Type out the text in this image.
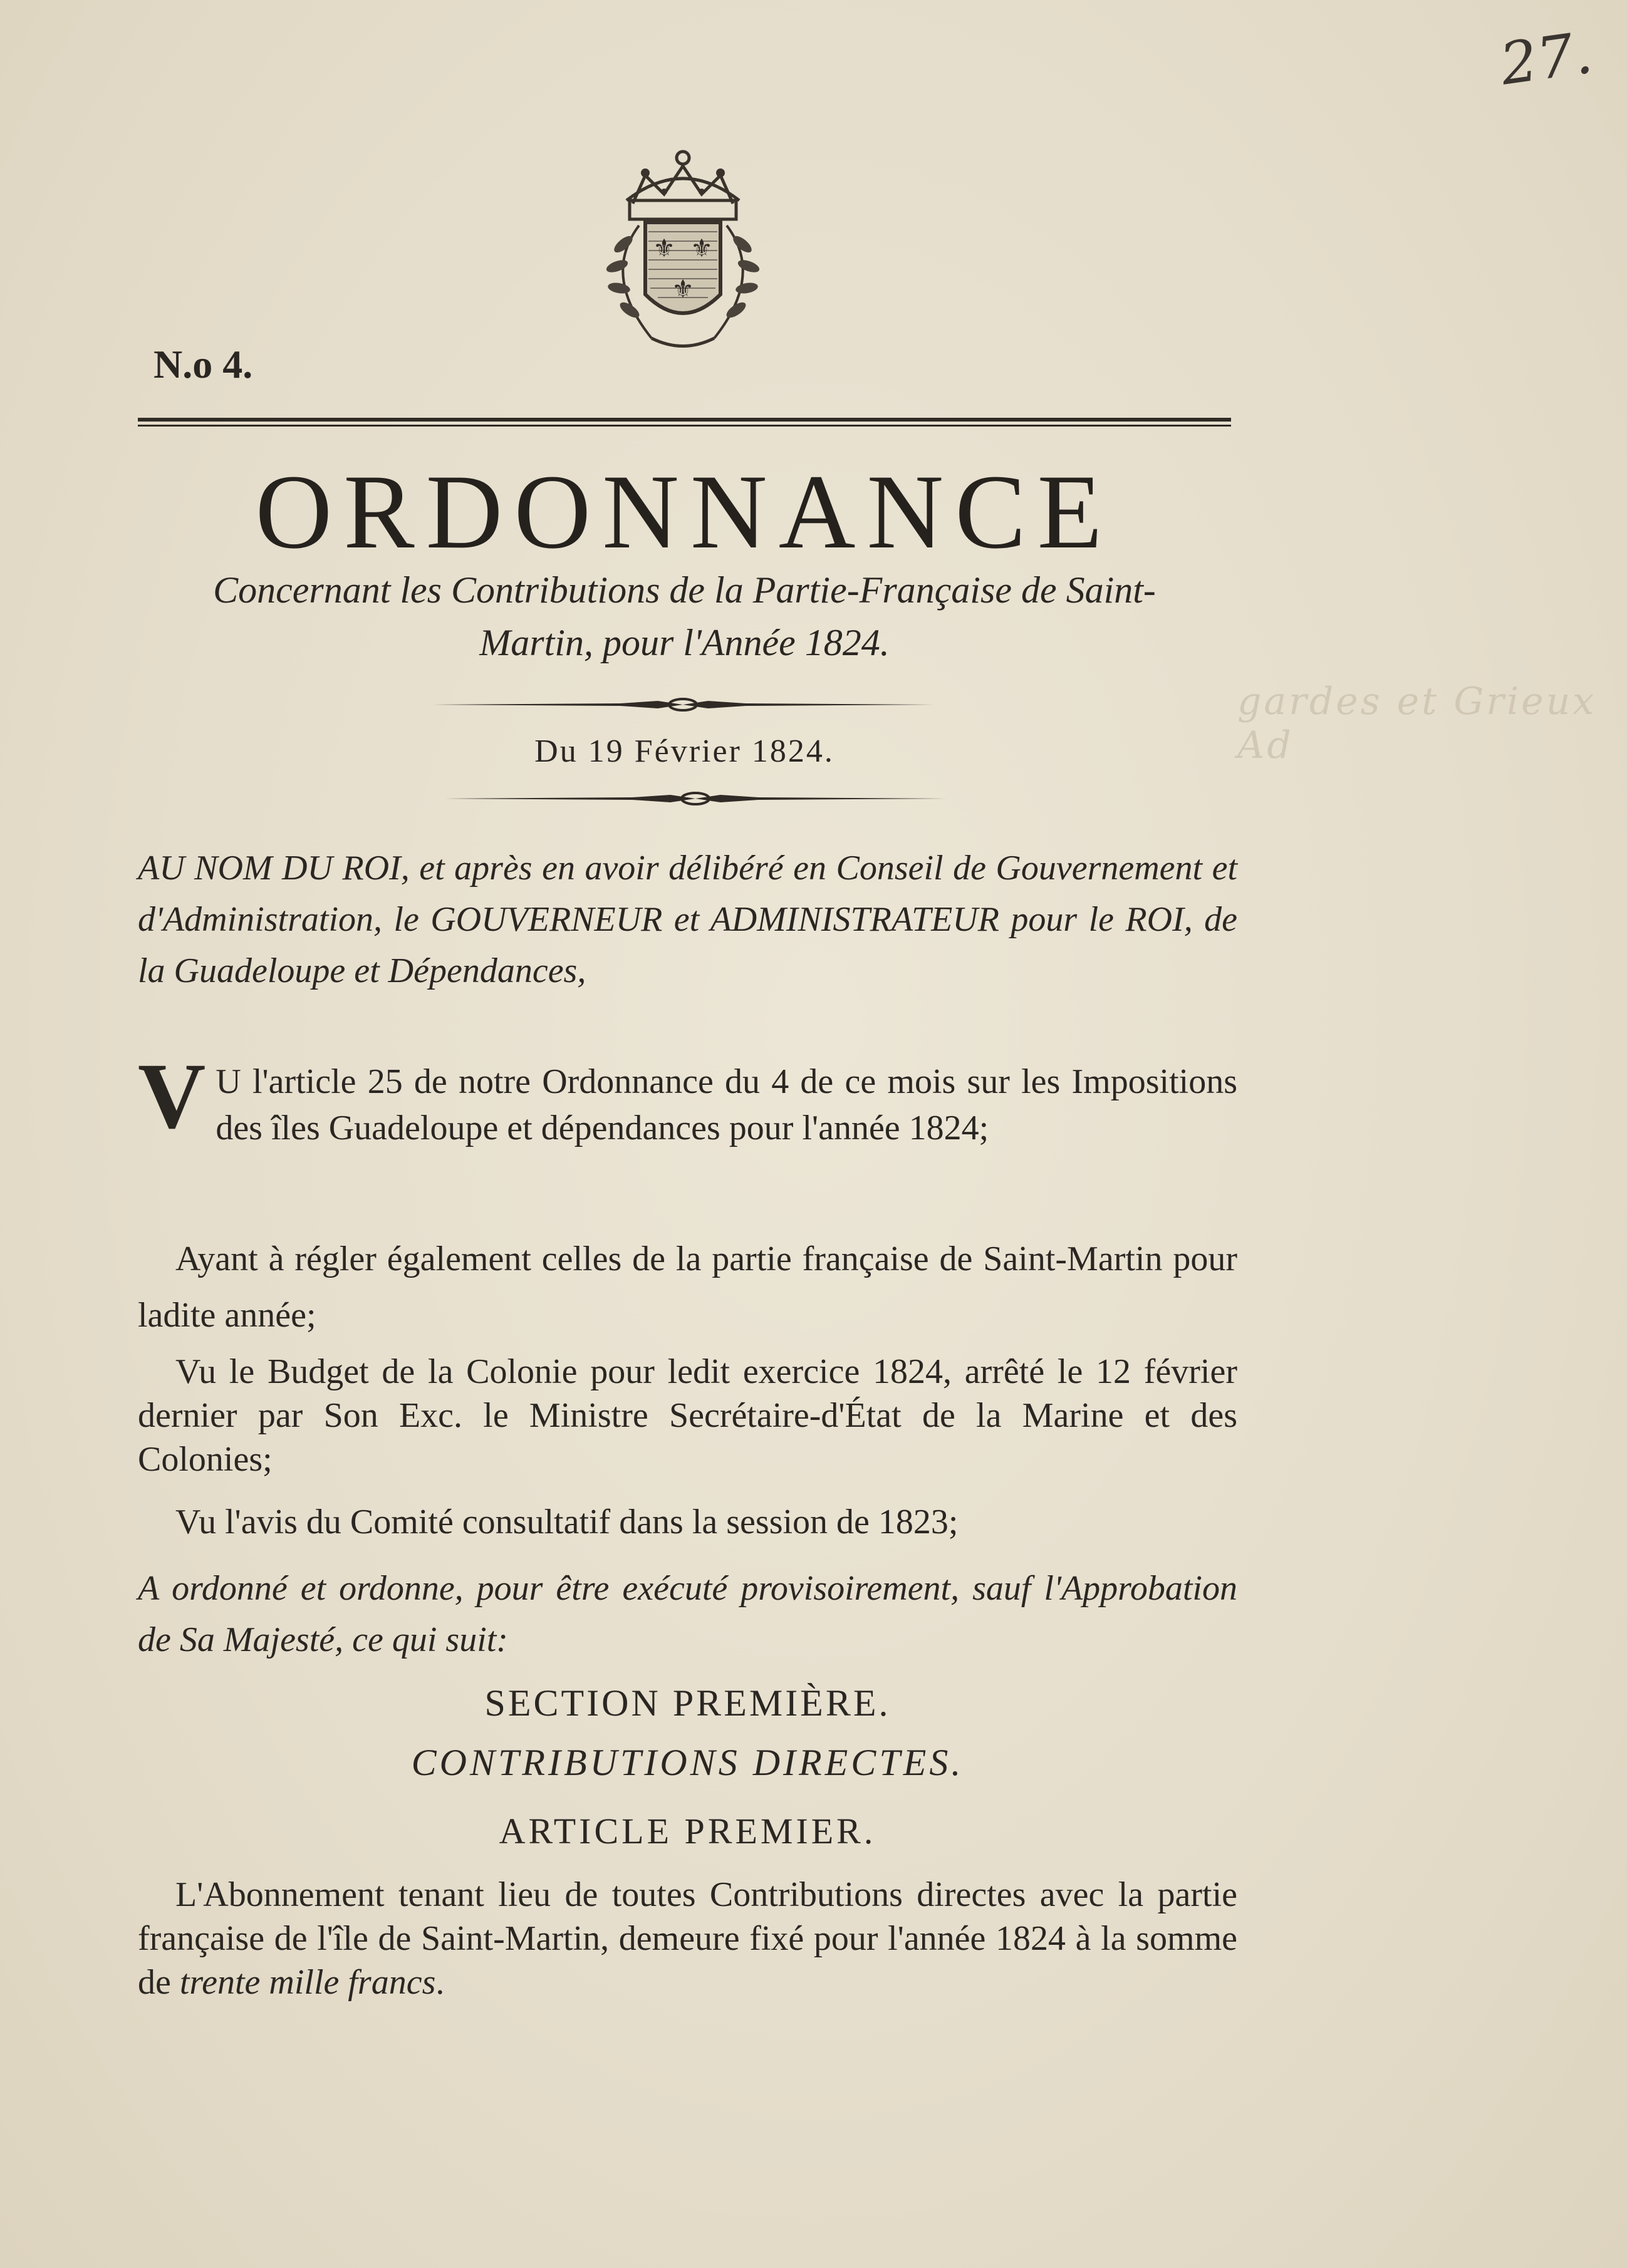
27.
gardes et Grieux Ad
⚜ ⚜
⚜
N.o 4.
ORDONNANCE
Concernant les Contributions de la Partie-Française de Saint-
Martin, pour l'Année 1824.
Du 19 Février 1824.
AU NOM DU ROI, et après en avoir délibéré en Conseil de Gouvernement et d'Administration, le GOUVERNEUR et ADMINISTRATEUR pour le ROI, de la Guadeloupe et Dépendances,
V U l'article 25 de notre Ordonnance du 4 de ce mois sur les Impositions des îles Guadeloupe et dépendances pour l'année 1824;
Ayant à régler également celles de la partie française de Saint-Martin pour ladite année;
Vu le Budget de la Colonie pour ledit exercice 1824, arrêté le 12 février dernier par Son Exc. le Ministre Secrétaire-d'État de la Marine et des Colonies;
Vu l'avis du Comité consultatif dans la session de 1823;
A ordonné et ordonne, pour être exécuté provisoirement, sauf l'Approbation de Sa Majesté, ce qui suit:
SECTION PREMIÈRE.
CONTRIBUTIONS DIRECTES.
ARTICLE PREMIER.
L'Abonnement tenant lieu de toutes Contributions directes avec la partie française de l'île de Saint-Martin, demeure fixé pour l'année 1824 à la somme de trente mille francs.
